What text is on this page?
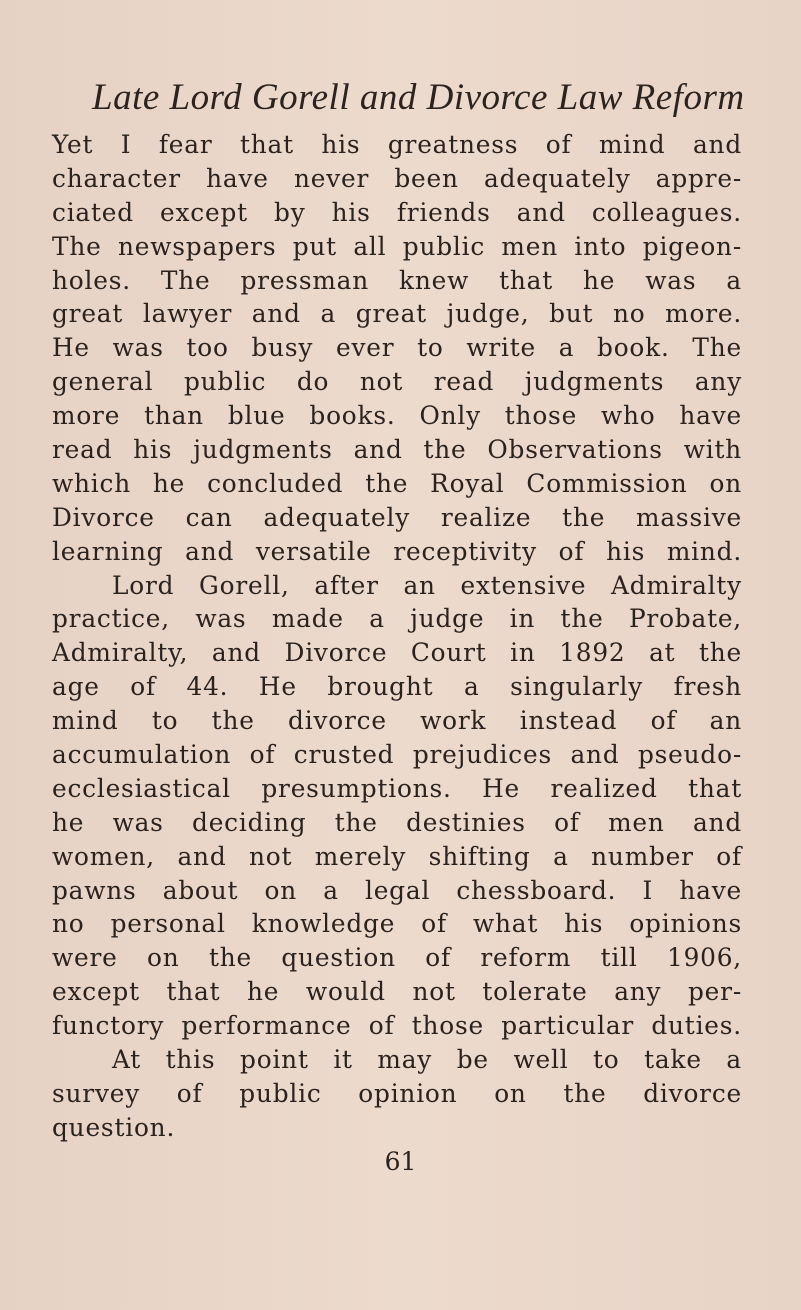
Late Lord Gorell and Divorce Law Reform
Yet I fear that his greatness of mind and
character have never been adequately appre-
ciated except by his friends and colleagues.
The newspapers put all public men into pigeon-
holes. The pressman knew that he was a
great lawyer and a great judge, but no more.
He was too busy ever to write a book. The
general public do not read judgments any
more than blue books. Only those who have
read his judgments and the Observations with
which he concluded the Royal Commission on
Divorce can adequately realize the massive
learning and versatile receptivity of his mind.
Lord Gorell, after an extensive Admiralty
practice, was made a judge in the Probate,
Admiralty, and Divorce Court in 1892 at the
age of 44. He brought a singularly fresh
mind to the divorce work instead of an
accumulation of crusted prejudices and pseudo-
ecclesiastical presumptions. He realized that
he was deciding the destinies of men and
women, and not merely shifting a number of
pawns about on a legal chessboard. I have
no personal knowledge of what his opinions
were on the question of reform till 1906,
except that he would not tolerate any per-
functory performance of those particular duties.
At this point it may be well to take a
survey of public opinion on the divorce
question.
61
